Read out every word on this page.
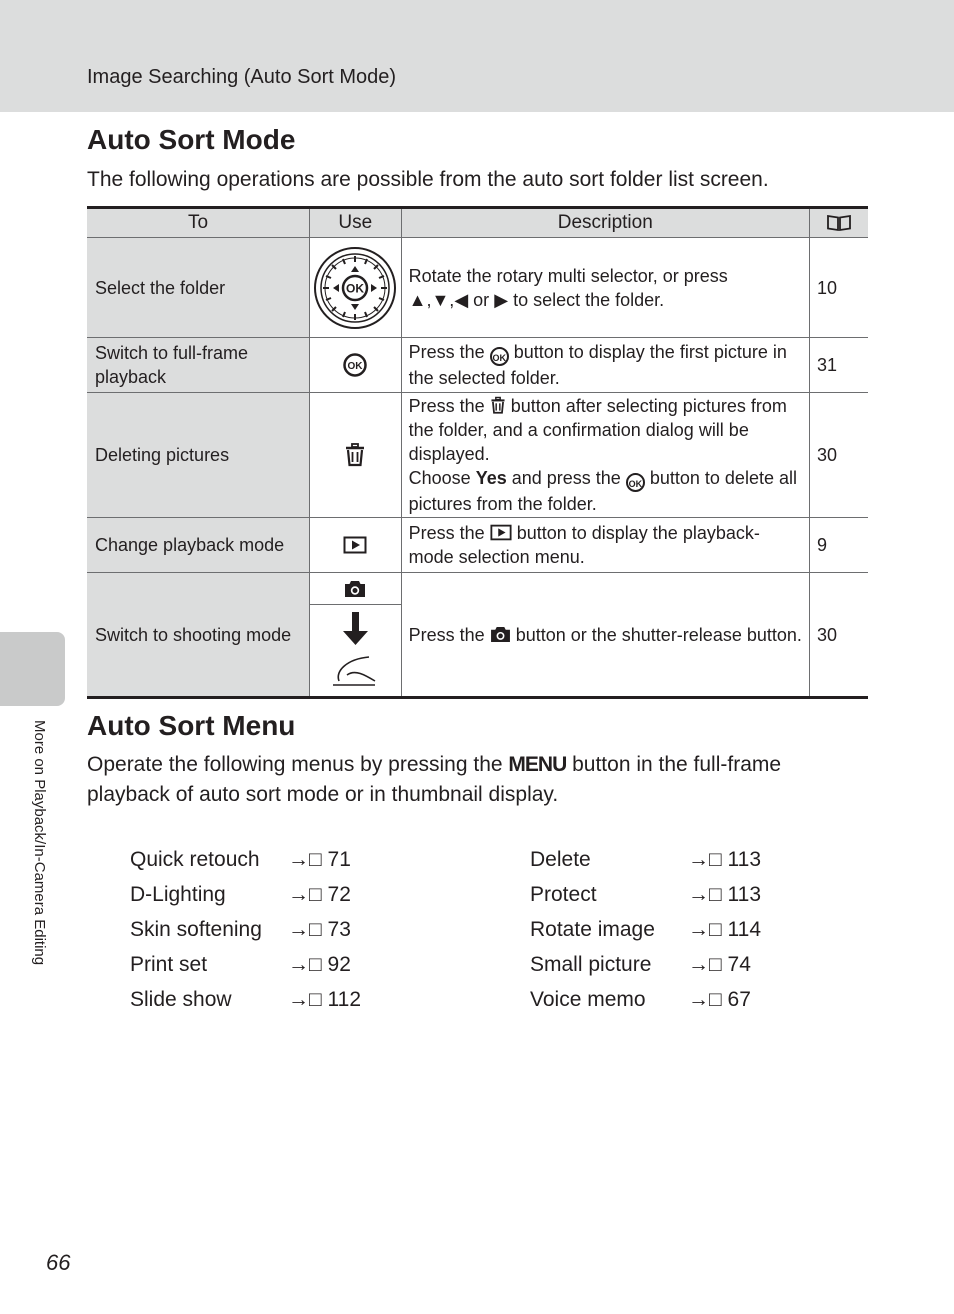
Image Searching (Auto Sort Mode)
More on Playback/In-Camera Editing
Auto Sort Mode

The following operations are possible from the auto sort folder list screen.

To	Use	Description	

Select the folder	OK	Rotate the rotary multi selector, or press
▲,▼,◀ or ▶ to select the folder.	10
Switch to full-frame playback	OK	Press the OK button to display the first picture in the selected folder.	31
Deleting pictures		Press the button after selecting pictures from the folder, and a confirmation dialog will be displayed.
Choose Yes and press the OK button to delete all pictures from the folder.	30
Change playback mode		Press the button to display the playback-mode selection menu.	9
Switch to shooting mode		Press the button or the shutter-release button.	30
Auto Sort Menu

Operate the following menus by pressing the MENU button in the full-frame playback of auto sort mode or in thumbnail display.

Quick retouch →□ 71
D-Lighting	→□ 72
Skin softening →□ 73
Print set	→□ 92
Slide show	→□ 112
Delete	→□ 113
Protect	→□ 113
Rotate image →□ 114
Small picture →□ 74
Voice memo →□ 67
66
